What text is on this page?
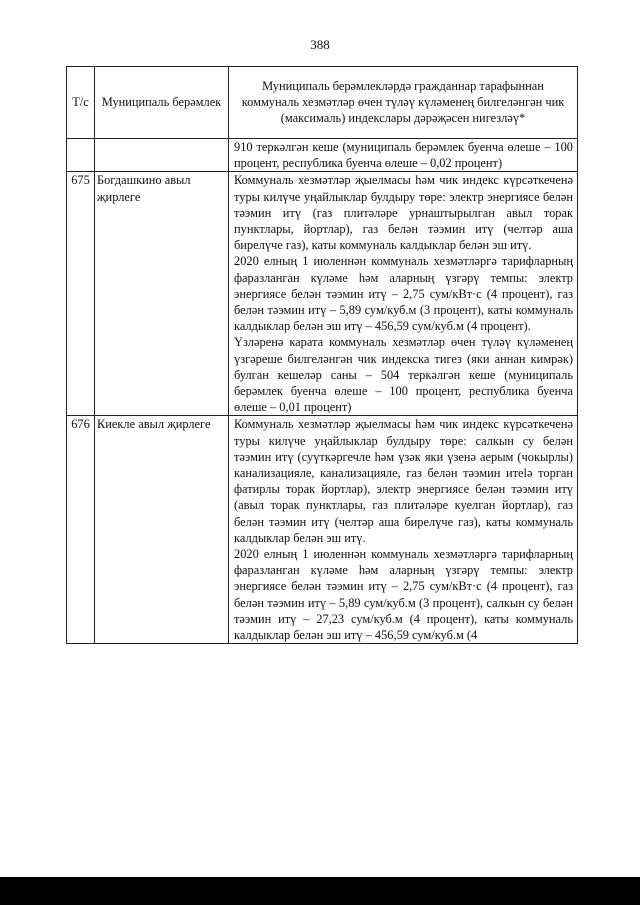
388
Т/с	Муниципаль берәмлек	Муниципаль берәмлекләрдә гражданнар тарафыннан коммуналь хезмәтләр өчен түләү күләменең билгеләнгән чик (максималь) индекслары дәрәҗәсен нигезләү*

		910 теркәлгән кеше (муниципаль берәмлек буенча өлеше – 100 процент, республика буенча өлеше – 0,02 процент)

675	Богдашкино авыл җирлеге	Коммуналь хезмәтләр җыелмасы һәм чик индекс күрсәткеченә туры килүче уңайлыклар булдыру төре: электр энергиясе белән тәэмин итү (газ плитәләре урнаштырылган авыл торак пунктлары, йортлар), газ белән тәэмин итү (челтәр аша бирелүче газ), каты коммуналь калдыклар белән эш итү.

2020 елның 1 июленнән коммуналь хезмәтләргә тарифларның фаразланган күләме һәм аларның үзгәрү темпы: электр энергиясе белән тәэмин итү – 2,75 сум/кВт·с (4 процент), газ белән тәэмин итү – 5,89 сум/куб.м (3 процент), каты коммуналь калдыклар белән эш итү – 456,59 сум/куб.м (4 процент).

Үзләренә карата коммуналь хезмәтләр өчен түләү күләменең үзгәреше билгеләнгән чик индекска тигез (яки аннан кимрәк) булган кешеләр саны – 504 теркәлгән кеше (муниципаль берәмлек буенча өлеше – 100 процент, республика буенча өлеше – 0,01 процент)

676	Киекле авыл җирлеге	Коммуналь хезмәтләр җыелмасы һәм чик индекс күрсәткеченә туры килүче уңайлыклар булдыру төре: салкын су белән тәэмин итү (суүткәргечле һәм үзәк яки үзенә аерым (чокырлы) канализацияле, канализацияле, газ белән тәэмин итеlә торган фатирлы торак йортлар), электр энергиясе белән тәэмин итү (авыл торак пунктлары, газ плитәләре куелган йортлар), газ белән тәэмин итү (челтәр аша бирелүче газ), каты коммуналь калдыклар белән эш итү.

2020 елның 1 июленнән коммуналь хезмәтләргә тарифларның фаразланган күләме һәм аларның үзгәрү темпы: электр энергиясе белән тәэмин итү – 2,75 сум/кВт·с (4 процент), газ белән тәэмин итү – 5,89 сум/куб.м (3 процент), салкын су белән тәэмин итү – 27,23 сум/куб.м (4 процент), каты коммуналь калдыклар белән эш итү – 456,59 сум/куб.м (4
